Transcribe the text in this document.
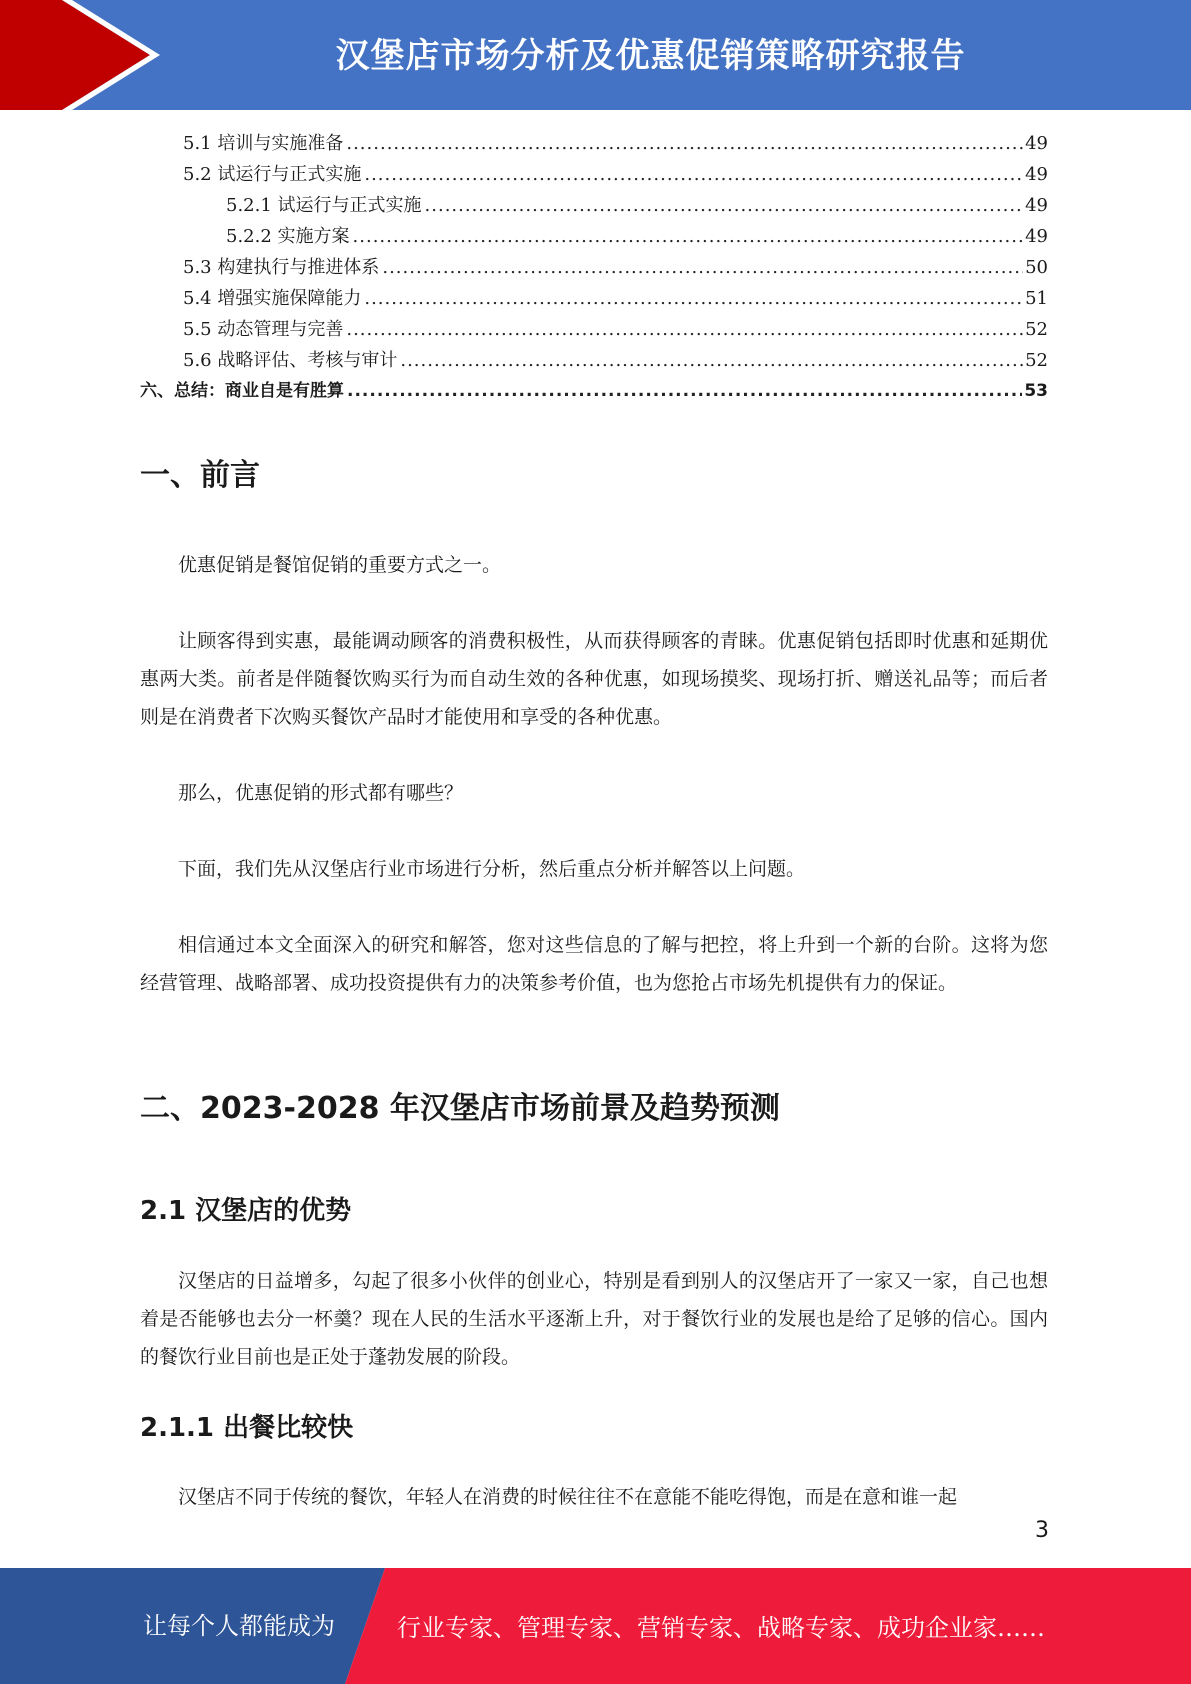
汉堡店市场分析及优惠促销策略研究报告
5.1 培训与实施准备 .....	49
5.2 试运行与正式实施 .....	49
5.2.1 试运行与正式实施 .....	49
5.2.2 实施方案 .....	49
5.3 构建执行与推进体系 .....	50
5.4 增强实施保障能力 .....	51
5.5 动态管理与完善 .....	52
5.6 战略评估、考核与审计 .....	52
六、总结：商业自是有胜算 .....	53
一、前言

优惠促销是餐馆促销的重要方式之一。

让顾客得到实惠，最能调动顾客的消费积极性，从而获得顾客的青睐。优惠促销包括即时优惠和延期优惠两大类。前者是伴随餐饮购买行为而自动生效的各种优惠，如现场摸奖、现场打折、赠送礼品等；而后者则是在消费者下次购买餐饮产品时才能使用和享受的各种优惠。

那么，优惠促销的形式都有哪些？

下面，我们先从汉堡店行业市场进行分析，然后重点分析并解答以上问题。

相信通过本文全面深入的研究和解答，您对这些信息的了解与把控，将上升到一个新的台阶。这将为您经营管理、战略部署、成功投资提供有力的决策参考价值，也为您抢占市场先机提供有力的保证。

二、2023-2028 年汉堡店市场前景及趋势预测
2.1 汉堡店的优势

汉堡店的日益增多，勾起了很多小伙伴的创业心，特别是看到别人的汉堡店开了一家又一家，自己也想着是否能够也去分一杯羹？现在人民的生活水平逐渐上升，对于餐饮行业的发展也是给了足够的信心。国内的餐饮行业目前也是正处于蓬勃发展的阶段。

2.1.1 出餐比较快

汉堡店不同于传统的餐饮，年轻人在消费的时候往往不在意能不能吃得饱，而是在意和谁一起

3
让每个人都能成为	行业专家、管理专家、营销专家、战略专家、成功企业家……
